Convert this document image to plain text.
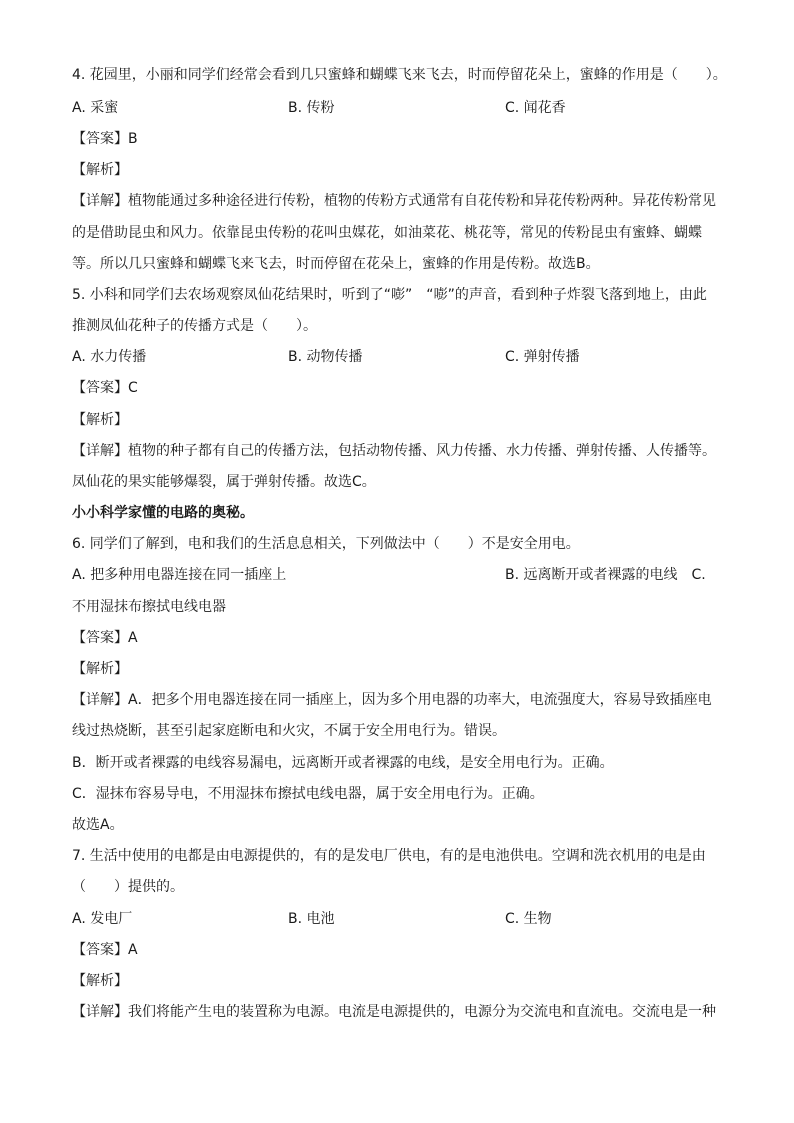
4. 花园里，小丽和同学们经常会看到几只蜜蜂和蝴蝶飞来飞去，时而停留花朵上，蜜蜂的作用是（　　）。
A. 采蜜	B. 传粉	C. 闻花香
【答案】B
【解析】
【详解】植物能通过多种途径进行传粉，植物的传粉方式通常有自花传粉和异花传粉两种。异花传粉常见
的是借助昆虫和风力。依靠昆虫传粉的花叫虫媒花，如油菜花、桃花等，常见的传粉昆虫有蜜蜂、蝴蝶
等。所以几只蜜蜂和蝴蝶飞来飞去，时而停留在花朵上，蜜蜂的作用是传粉。故选B。
5. 小科和同学们去农场观察凤仙花结果时，听到了“嘭”　“嘭”的声音，看到种子炸裂飞落到地上，由此
推测凤仙花种子的传播方式是（　　）。
A. 水力传播	B. 动物传播	C. 弹射传播
【答案】C
【解析】
【详解】植物的种子都有自己的传播方法，包括动物传播、风力传播、水力传播、弹射传播、人传播等。
凤仙花的果实能够爆裂，属于弹射传播。故选C。
小小科学家懂的电路的奥秘。
6. 同学们了解到，电和我们的生活息息相关，下列做法中（　　）不是安全用电。
A. 把多种用电器连接在同一插座上	B. 远离断开或者裸露的电线　C.
不用湿抹布擦拭电线电器
【答案】A
【解析】
【详解】A．把多个用电器连接在同一插座上，因为多个用电器的功率大，电流强度大，容易导致插座电
线过热烧断，甚至引起家庭断电和火灾，不属于安全用电行为。错误。
B．断开或者裸露的电线容易漏电，远离断开或者裸露的电线，是安全用电行为。正确。
C．湿抹布容易导电，不用湿抹布擦拭电线电器，属于安全用电行为。正确。
故选A。
7. 生活中使用的电都是由电源提供的，有的是发电厂供电，有的是电池供电。空调和洗衣机用的电是由
（　　）提供的。
A. 发电厂	B. 电池	C. 生物
【答案】A
【解析】
【详解】我们将能产生电的装置称为电源。电流是电源提供的，电源分为交流电和直流电。交流电是一种
